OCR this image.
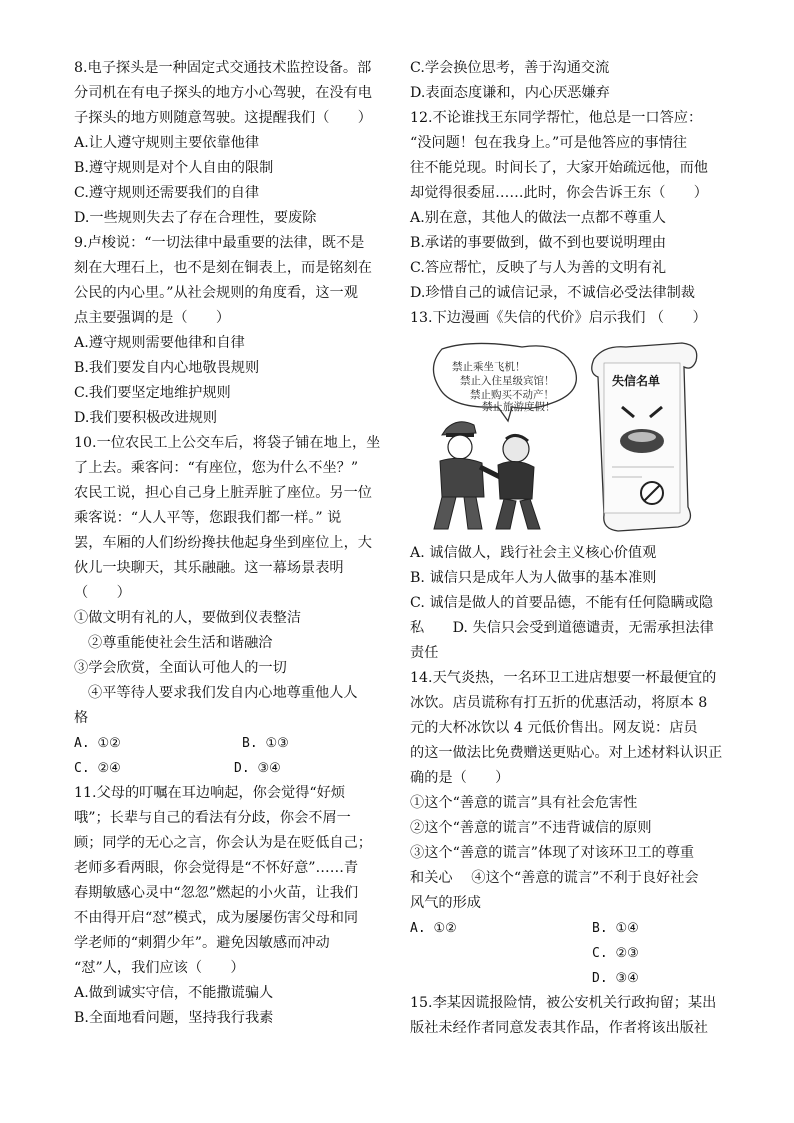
8.电子探头是一种固定式交通技术监控设备。部
分司机在有电子探头的地方小心驾驶，在没有电
子探头的地方则随意驾驶。这提醒我们（　　）
A.让人遵守规则主要依靠他律
B.遵守规则是对个人自由的限制
C.遵守规则还需要我们的自律
D.一些规则失去了存在合理性，要废除
9.卢梭说：“一切法律中最重要的法律，既不是
刻在大理石上，也不是刻在铜表上，而是铭刻在
公民的内心里。”从社会规则的角度看，这一观
点主要强调的是（　　）
A.遵守规则需要他律和自律
B.我们要发自内心地敬畏规则
C.我们要坚定地维护规则
D.我们要积极改进规则
10.一位农民工上公交车后，将袋子铺在地上，坐
了上去。乘客问：“有座位，您为什么不坐？”
农民工说，担心自己身上脏弄脏了座位。另一位
乘客说：“人人平等，您跟我们都一样。” 说
罢，车厢的人们纷纷搀扶他起身坐到座位上，大
伙儿一块聊天，其乐融融。这一幕场景表明
（　　）
①做文明有礼的人，要做到仪表整洁
②尊重能使社会生活和谐融洽
③学会欣赏，全面认可他人的一切
④平等待人要求我们发自内心地尊重他人人
格
A. ①②	B. ①③
C. ②④	D. ③④
11.父母的叮嘱在耳边响起，你会觉得“好烦
哦”；长辈与自己的看法有分歧，你会不屑一
顾；同学的无心之言，你会认为是在贬低自己；
老师多看两眼，你会觉得是“不怀好意”……青
春期敏感心灵中“忽忽”燃起的小火苗，让我们
不由得开启“怼”模式，成为屡屡伤害父母和同
学老师的“刺猬少年”。避免因敏感而冲动
“怼”人，我们应该（　　）
A.做到诚实守信，不能撒谎骗人
B.全面地看问题，坚持我行我素
C.学会换位思考，善于沟通交流
D.表面态度谦和，内心厌恶嫌弃
12.不论谁找王东同学帮忙，他总是一口答应：
“没问题！包在我身上。”可是他答应的事情往
往不能兑现。时间长了，大家开始疏远他，而他
却觉得很委屈……此时，你会告诉王东（　　）
A.别在意，其他人的做法一点都不尊重人
B.承诺的事要做到，做不到也要说明理由
C.答应帮忙，反映了与人为善的文明有礼
D.珍惜自己的诚信记录，不诚信必受法律制裁
13.下边漫画《失信的代价》启示我们 （　　）
禁止乘坐飞机！
禁止入住星级宾馆！
禁止购买不动产！
禁止旅游度假！
失信名单
A. 诚信做人，践行社会主义核心价值观
B. 诚信只是成年人为人做事的基本准则
C. 诚信是做人的首要品德，不能有任何隐瞒或隐
私　　D. 失信只会受到道德谴责，无需承担法律
责任
14.天气炎热，一名环卫工进店想要一杯最便宜的
冰饮。店员谎称有打五折的优惠活动，将原本 8
元的大杯冰饮以 4 元低价售出。网友说：店员
的这一做法比免费赠送更贴心。对上述材料认识正
确的是（　　）
①这个“善意的谎言”具有社会危害性
②这个“善意的谎言”不违背诚信的原则
③这个“善意的谎言”体现了对该环卫工的尊重
和关心　 ④这个“善意的谎言”不利于良好社会
风气的形成
A. ①②	B. ①④
C. ②③
D. ③④
15.李某因谎报险情，被公安机关行政拘留；某出
版社未经作者同意发表其作品，作者将该出版社
